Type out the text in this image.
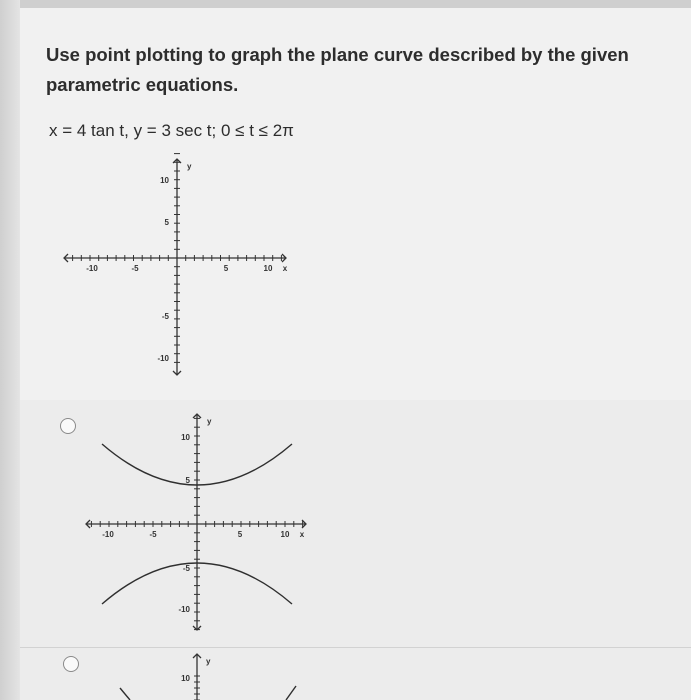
Use point plotting to graph the plane curve described by the given parametric equations.
x = 4 tan t, y = 3 sec t; 0 ≤ t ≤ 2π
-10	-5	5	10 x
10
5
-5
-10
y
-10	-5	5	10 x
10
5
-5
-10
y
10
y
